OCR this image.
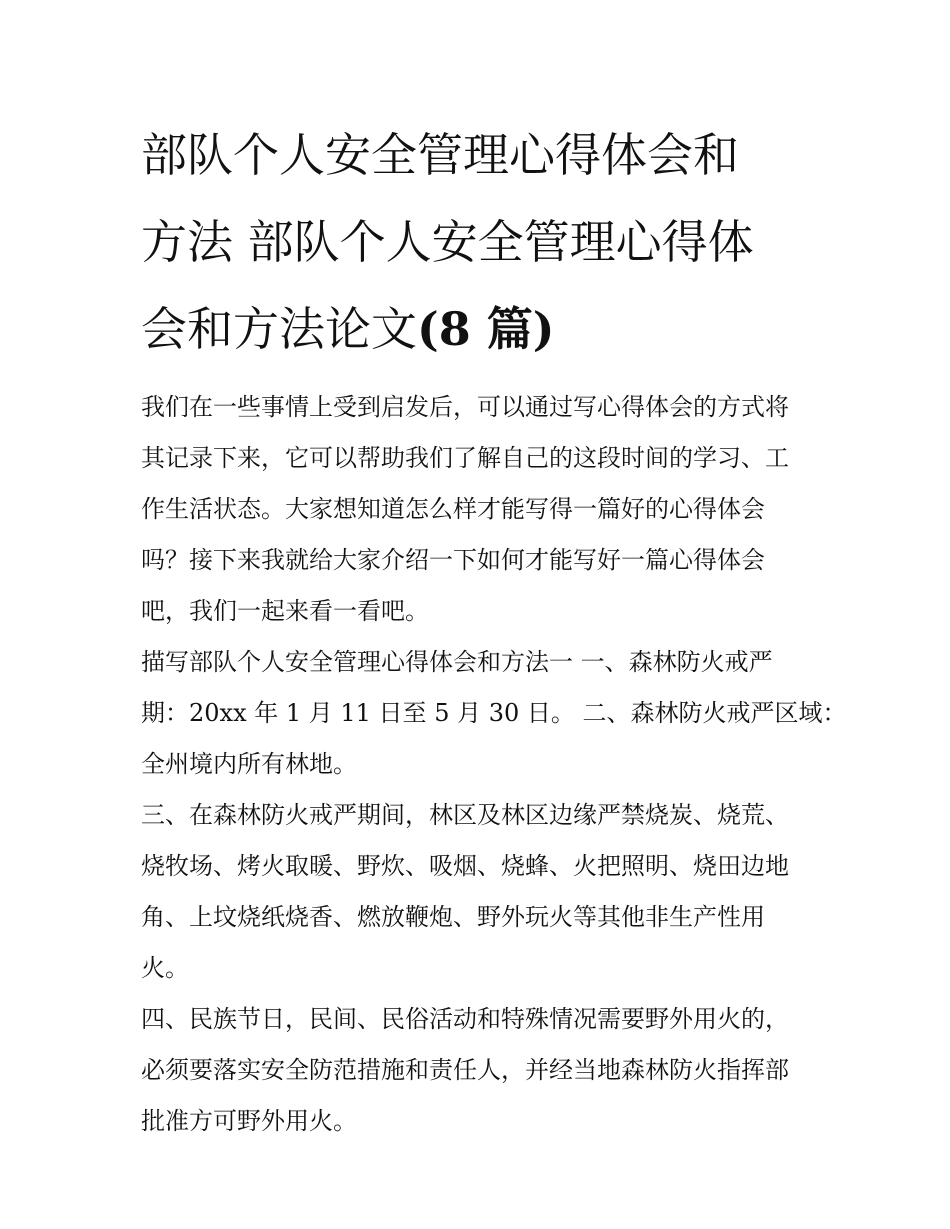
部队个人安全管理心得体会和
方法 部队个人安全管理心得体
会和方法论文(8 篇)

我们在一些事情上受到启发后，可以通过写心得体会的方式将
其记录下来，它可以帮助我们了解自己的这段时间的学习、工
作生活状态。大家想知道怎么样才能写得一篇好的心得体会
吗？接下来我就给大家介绍一下如何才能写好一篇心得体会
吧，我们一起来看一看吧。

描写部队个人安全管理心得体会和方法一 一、森林防火戒严
期：20xx 年 1 月 11 日至 5 月 30 日。 二、森林防火戒严区域：
全州境内所有林地。

三、在森林防火戒严期间，林区及林区边缘严禁烧炭、烧荒、
烧牧场、烤火取暖、野炊、吸烟、烧蜂、火把照明、烧田边地
角、上坟烧纸烧香、燃放鞭炮、野外玩火等其他非生产性用
火。

四、民族节日，民间、民俗活动和特殊情况需要野外用火的，
必须要落实安全防范措施和责任人，并经当地森林防火指挥部
批准方可野外用火。
